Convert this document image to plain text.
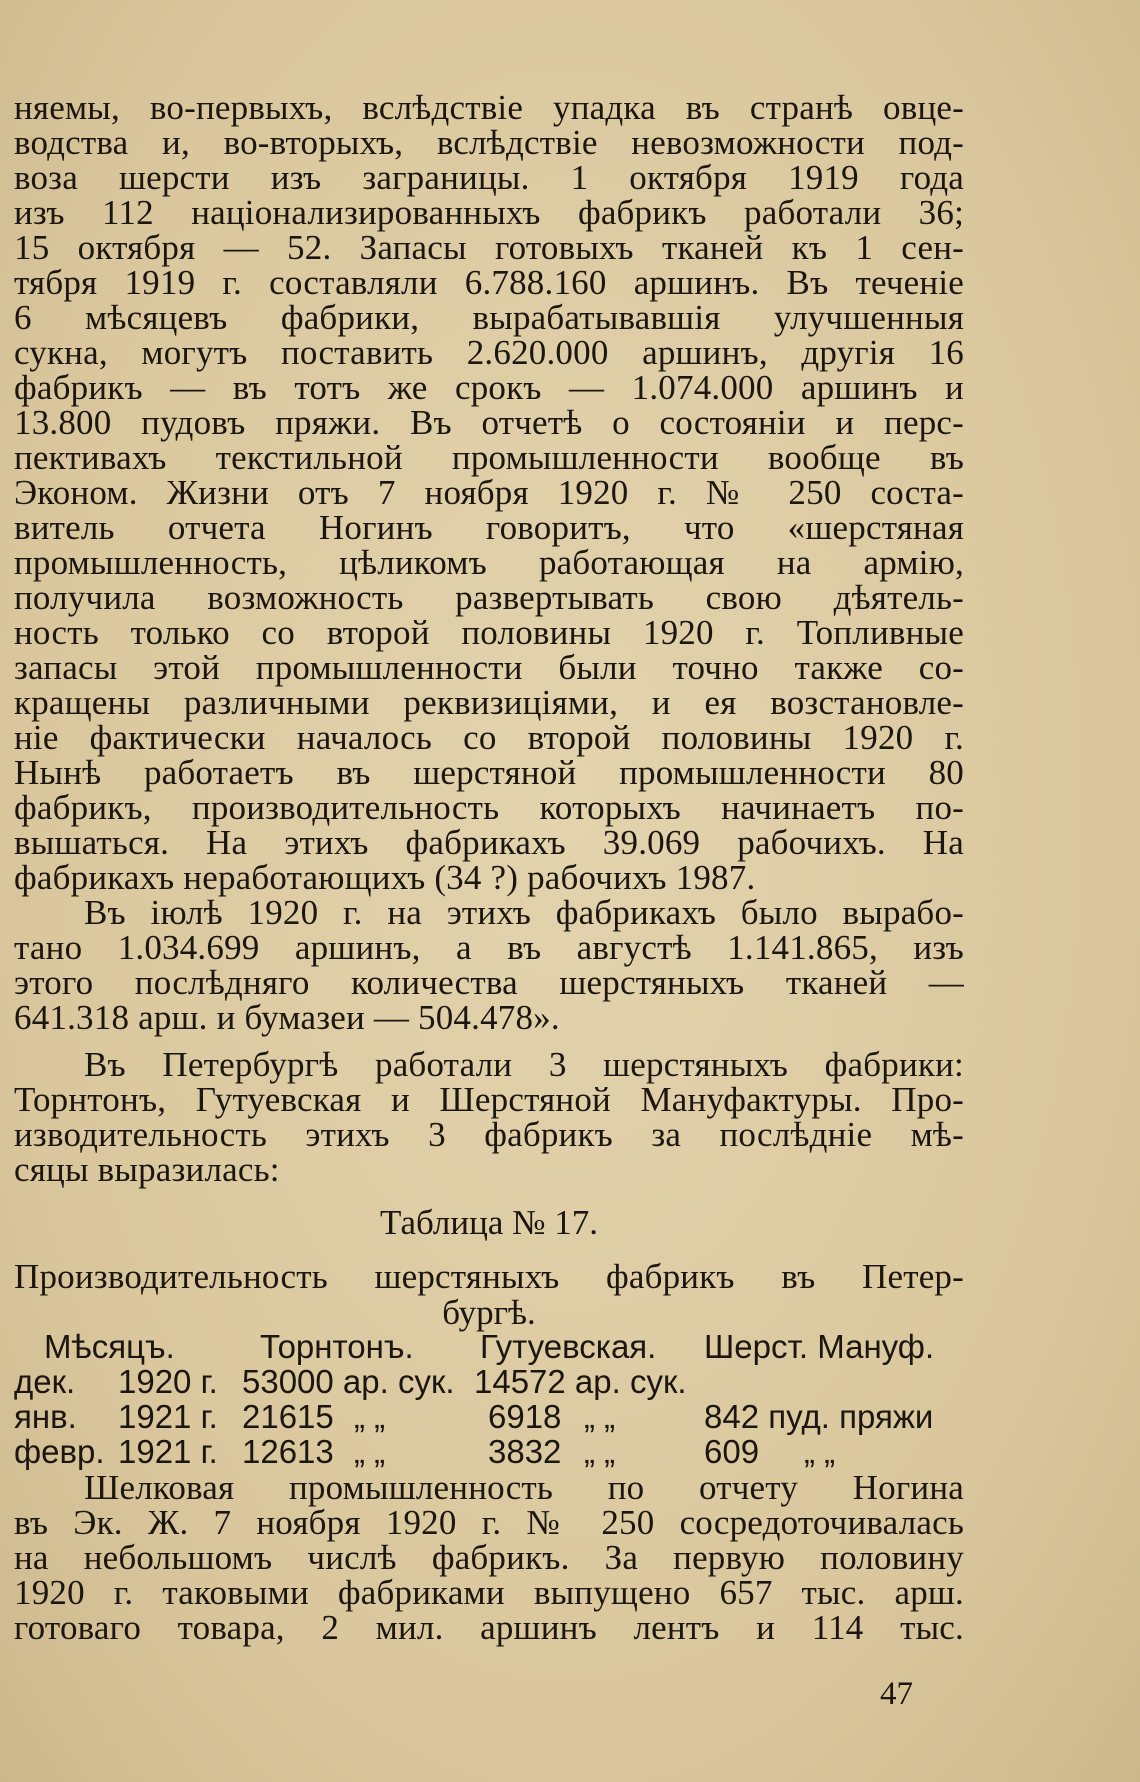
няемы, во-первыхъ, вслѣдствіе упадка въ странѣ овце-
водства и, во-вторыхъ, вслѣдствіе невозможности под-
воза шерсти изъ заграницы. 1 октября 1919 года
изъ 112 націонализированныхъ фабрикъ работали 36;
15 октября — 52. Запасы готовыхъ тканей къ 1 сен-
тября 1919 г. составляли 6.788.160 аршинъ. Въ теченіе
6 мѣсяцевъ фабрики, вырабатывавшія улучшенныя
сукна, могутъ поставить 2.620.000 аршинъ, другія 16
фабрикъ — въ тотъ же срокъ — 1.074.000 аршинъ и
13.800 пудовъ пряжи. Въ отчетѣ о состояніи и перс-
пективахъ текстильной промышленности вообще въ
Эконом. Жизни отъ 7 ноября 1920 г. № 250 соста-
витель отчета Ногинъ говоритъ, что «шерстяная
промышленность, цѣликомъ работающая на армію,
получила возможность развертывать свою дѣятель-
ность только со второй половины 1920 г. Топливные
запасы этой промышленности были точно также со-
кращены различными реквизиціями, и ея возстановле-
ніе фактически началось со второй половины 1920 г.
Нынѣ работаетъ въ шерстяной промышленности 80
фабрикъ, производительность которыхъ начинаетъ по-
вышаться. На этихъ фабрикахъ 39.069 рабочихъ. На
фабрикахъ неработающихъ (34 ?) рабочихъ 1987.
Въ іюлѣ 1920 г. на этихъ фабрикахъ было вырабо-
тано 1.034.699 аршинъ, а въ августѣ 1.141.865, изъ
этого послѣдняго количества шерстяныхъ тканей —
641.318 арш. и бумазеи — 504.478».
Въ Петербургѣ работали 3 шерстяныхъ фабрики:
Торнтонъ, Гутуевская и Шерстяной Мануфактуры. Про-
изводительность этихъ 3 фабрикъ за послѣдніе мѣ-
сяцы выразилась:
Таблица № 17.
Производительность шерстяныхъ фабрикъ въ Петер-
бургѣ.
Мѣсяцъ.	Торнтонъ. Гутуевская. Шерст. Мануф.
дек. 1920 г. 53000 ар. сук. 14572 ар. сук.
янв. 1921 г. 21615 „ „	6918 „ „	842 пуд. пряжи
февр. 1921 г. 12613 „ „	3832 „ „	609 „ „
Шелковая промышленность по отчету Ногина
въ Эк. Ж. 7 ноября 1920 г. № 250 сосредоточивалась
на небольшомъ числѣ фабрикъ. За первую половину
1920 г. таковыми фабриками выпущено 657 тыс. арш.
готоваго товара, 2 мил. аршинъ лентъ и 114 тыс.
47
